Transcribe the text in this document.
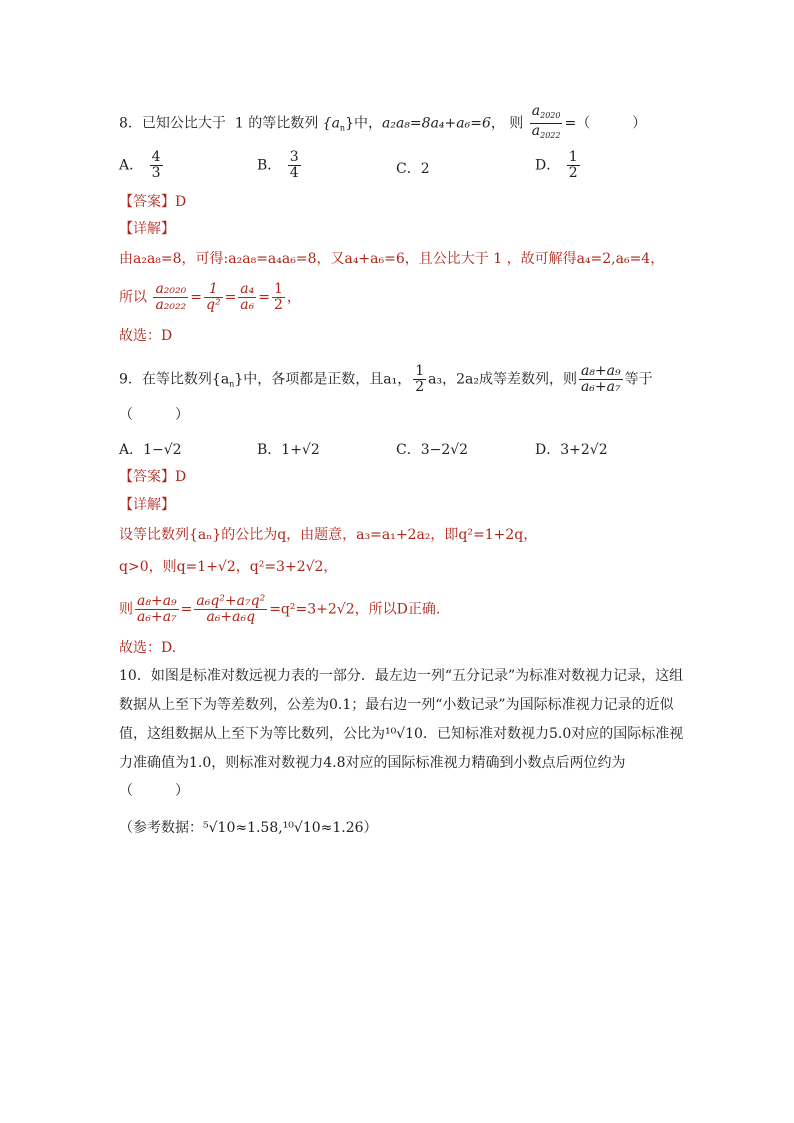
8．已知公比大于 1 的等比数列 $\{a_n\}$中，a₂a₈=8a₄+a₆=6， 则 $\frac{a_{2020}}{a_{2022}}$ =（　　　）
A． $\frac{4}{3}$	B． $\frac{3}{4}$	C．2	D． $\frac{1}{2}$
【答案】D
【详解】
由a₂a₈=8，可得:a₂a₈=a₄a₆=8，又a₄+a₆=6，且公比大于 1 ，故可解得a₄=2,a₆=4，
所以 $\frac{\text{a₂₀₂₀}}{\text{a₂₀₂₂}} = \frac{1}{\text{q²}} = \frac{\text{a₄}}{\text{a₆}} = \frac{1}{2}$ ，
故选：D
9．在等比数列$\{a_n\}$中，各项都是正数，且a₁， $\frac{1}{2} a_3$，2a₂成等差数列，则 $\frac{\text{a₈+a₉}}{\text{a₆+a₇}}$ 等于
（　　　）
A．1−√2	B．1+√2	C．3−2√2	D．3+2√2
【答案】D
【详解】
设等比数列{aₙ}的公比为q，由题意，a₃=a₁+2a₂，即q²=1+2q，
q>0，则q=1+√2，q²=3+2√2，
则 $\frac{\text{a₈+a₉}}{\text{a₆+a₇}} = \frac{\text{a₆q²+a₇q²}}{\text{a₆+a₆q}} =q^2=3+2√2$，所以D正确.
故选：D.
10．如图是标准对数远视力表的一部分．最左边一列“五分记录”为标准对数视力记录，这组
数据从上至下为等差数列，公差为0.1；最右边一列“小数记录”为国际标准视力记录的近似
值，这组数据从上至下为等比数列，公比为¹⁰√10．已知标准对数视力5.0对应的国际标准视
力准确值为1.0，则标准对数视力4.8对应的国际标准视力精确到小数点后两位约为
（　　　）
（参考数据：⁵√10≈1.58,¹⁰√10≈1.26）
